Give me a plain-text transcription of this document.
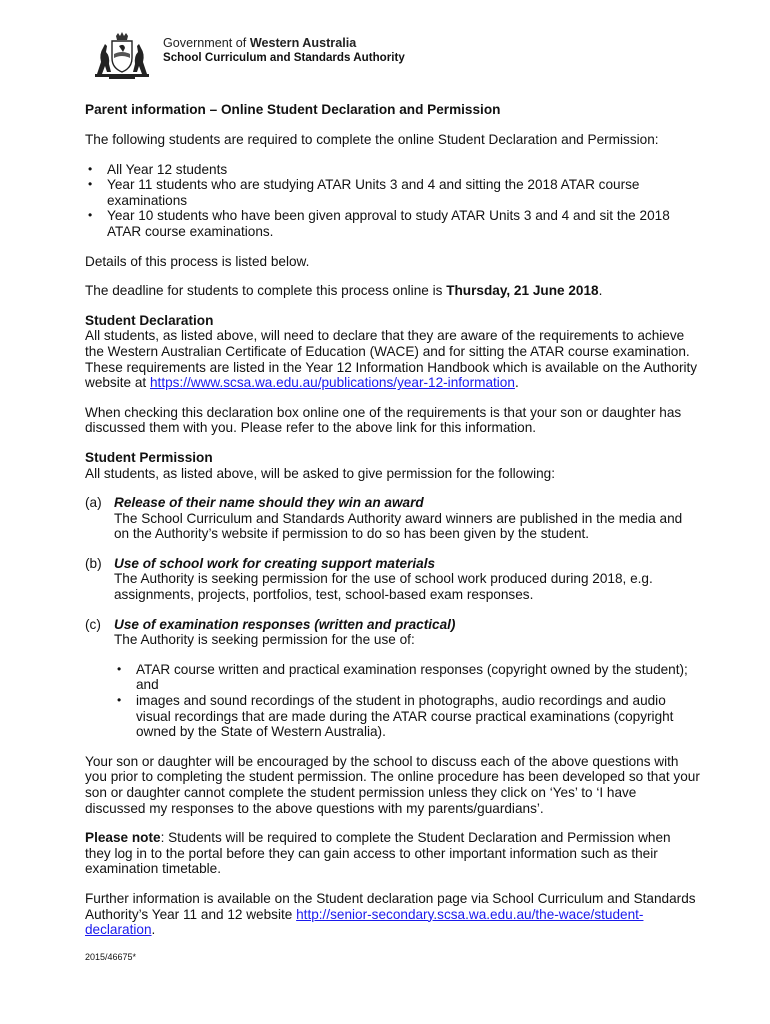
Government of Western Australia
School Curriculum and Standards Authority
Parent information – Online Student Declaration and Permission

The following students are required to complete the online Student Declaration and Permission:

• All Year 12 students
• Year 11 students who are studying ATAR Units 3 and 4 and sitting the 2018 ATAR course examinations
• Year 10 students who have been given approval to study ATAR Units 3 and 4 and sit the 2018 ATAR course examinations.

Details of this process is listed below.

The deadline for students to complete this process online is Thursday, 21 June 2018.

Student Declaration

All students, as listed above, will need to declare that they are aware of the requirements to achieve the Western Australian Certificate of Education (WACE) and for sitting the ATAR course examination. These requirements are listed in the Year 12 Information Handbook which is available on the Authority website at https://www.scsa.wa.edu.au/publications/year-12-information.

When checking this declaration box online one of the requirements is that your son or daughter has discussed them with you. Please refer to the above link for this information.

Student Permission

All students, as listed above, will be asked to give permission for the following:

(a) Release of their name should they win an award
The School Curriculum and Standards Authority award winners are published in the media and on the Authority’s website if permission to do so has been given by the student.
(b) Use of school work for creating support materials
The Authority is seeking permission for the use of school work produced during 2018, e.g. assignments, projects, portfolios, test, school-based exam responses.
(c) Use of examination responses (written and practical)
The Authority is seeking permission for the use of:
• ATAR course written and practical examination responses (copyright owned by the student); and
• images and sound recordings of the student in photographs, audio recordings and audio visual recordings that are made during the ATAR course practical examinations (copyright owned by the State of Western Australia).

Your son or daughter will be encouraged by the school to discuss each of the above questions with you prior to completing the student permission. The online procedure has been developed so that your son or daughter cannot complete the student permission unless they click on ‘Yes’ to ‘I have discussed my responses to the above questions with my parents/guardians’.

Please note: Students will be required to complete the Student Declaration and Permission when they log in to the portal before they can gain access to other important information such as their examination timetable.

Further information is available on the Student declaration page via School Curriculum and Standards Authority’s Year 11 and 12 website http://senior-secondary.scsa.wa.edu.au/the-wace/student-declaration.

2015/46675*
